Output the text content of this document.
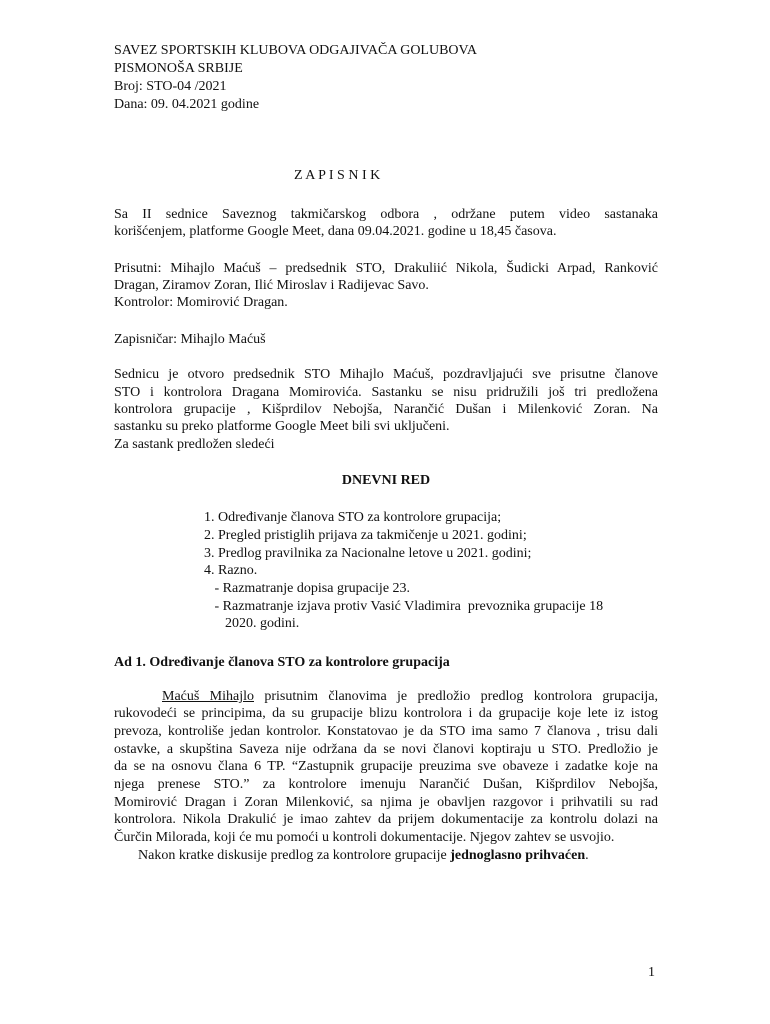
SAVEZ SPORTSKIH KLUBOVA ODGAJIVAČA GOLUBOVA
PISMONOŠA SRBIJE
Broj: STO-04 /2021
Dana: 09. 04.2021 godine
Z A P I S N I K
Sa II sednice Saveznog takmičarskog odbora , održane putem video sastanaka
korišćenjem, platforme Google Meet, dana 09.04.2021. godine u 18,45 časova.
Prisutni: Mihajlo Maćuš – predsednik STO, Drakuliić Nikola, Šudicki Arpad, Ranković
Dragan, Ziramov Zoran, Ilić Miroslav i Radijevac Savo.
Kontrolor: Momirović Dragan.
Zapisničar: Mihajlo Maćuš
Sednicu je otvoro predsednik STO Mihajlo Maćuš, pozdravljajući sve prisutne članove
STO i kontrolora Dragana Momirovića. Sastanku se nisu pridružili još tri predložena
kontrolora grupacije , Kišprdilov Nebojša, Narančić Dušan i Milenković Zoran. Na
sastanku su preko platforme Google Meet bili svi uključeni.
Za sastank predložen sledeći
DNEVNI RED
1. Određivanje članova STO za kontrolore grupacija;
2. Pregled pristiglih prijava za takmičenje u 2021. godini;
3. Predlog pravilnika za Nacionalne letove u 2021. godini;
4. Razno.
- Razmatranje dopisa grupacije 23.
- Razmatranje izjava protiv Vasić Vladimira  prevoznika grupacije 18
2020. godini.
Ad 1. Određivanje članova STO za kontrolore grupacija
Maćuš Mihajlo prisutnim članovima je predložio predlog kontrolora grupacija,
rukovodeći se principima, da su grupacije blizu kontrolora i da grupacije koje lete iz istog
prevoza, kontroliše jedan kontrolor. Konstatovao je da STO ima samo 7 članova , trisu dali
ostavke, a skupština Saveza nije održana da se novi članovi koptiraju u STO. Predložio je
da se na osnovu člana 6 TP. “Zastupnik grupacije preuzima sve obaveze i zadatke koje na
njega prenese STO.” za kontrolore imenuju Narančić Dušan, Kišprdilov Nebojša,
Momirović Dragan i Zoran Milenković, sa njima je obavljen razgovor i prihvatili su rad
kontrolora. Nikola Drakulić je imao zahtev da prijem dokumentacije za kontrolu dolazi na
Čurčin Milorada, koji će mu pomoći u kontroli dokumentacije. Njegov zahtev se usvojio.
Nakon kratke diskusije predlog za kontrolore grupacije jednoglasno prihvaćen.
1
